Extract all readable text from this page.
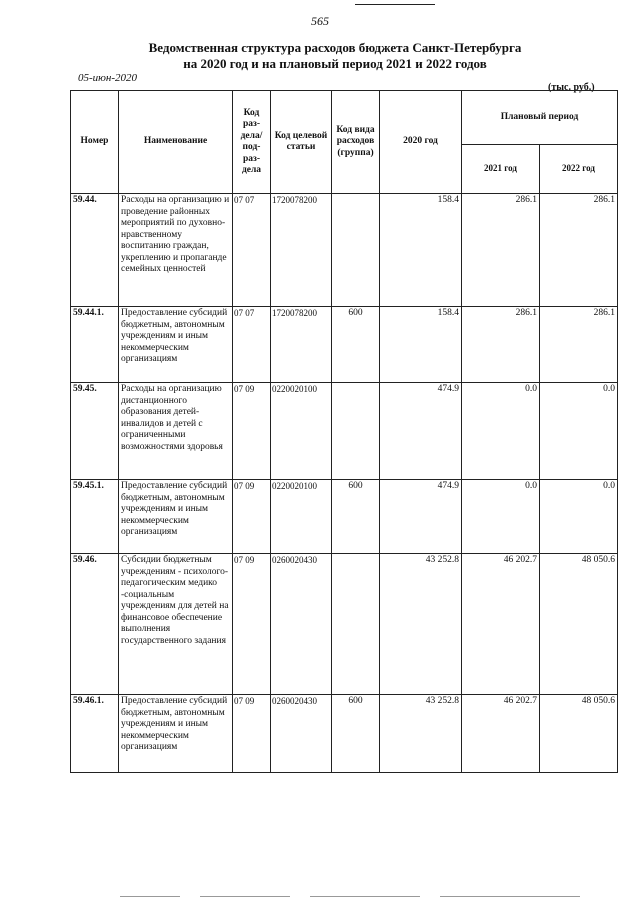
565
Ведомственная структура расходов бюджета Санкт-Петербурга
на 2020 год и на плановый период 2021 и 2022 годов
05-июн-2020
(тыс. руб.)
Номер	Наименование	Код раз-дела/ под-раз-дела	Код целевой статьи	Код вида расходов (группа)	2020 год	Плановый период	
						2021 год	2022 год
59.44.	Расходы на организацию и проведение районных мероприятий по духовно-нравственному воспитанию граждан, укреплению и пропаганде семейных ценностей	07 07	1720078200		158.4	286.1	286.1
59.44.1.	Предоставление субсидий бюджетным, автономным учреждениям и иным некоммерческим организациям	07 07	1720078200	600	158.4	286.1	286.1
59.45.	Расходы на организацию дистанционного образования детей-инвалидов и детей с ограниченными возможностями здоровья	07 09	0220020100		474.9	0.0	0.0
59.45.1.	Предоставление субсидий бюджетным, автономным учреждениям и иным некоммерческим организациям	07 09	0220020100	600	474.9	0.0	0.0
59.46.	Субсидии бюджетным учреждениям - психолого-педагогическим медико -социальным учреждениям для детей на финансовое обеспечение выполнения государственного задания	07 09	0260020430		43 252.8	46 202.7	48 050.6
59.46.1.	Предоставление субсидий бюджетным, автономным учреждениям и иным некоммерческим организациям	07 09	0260020430	600	43 252.8	46 202.7	48 050.6
